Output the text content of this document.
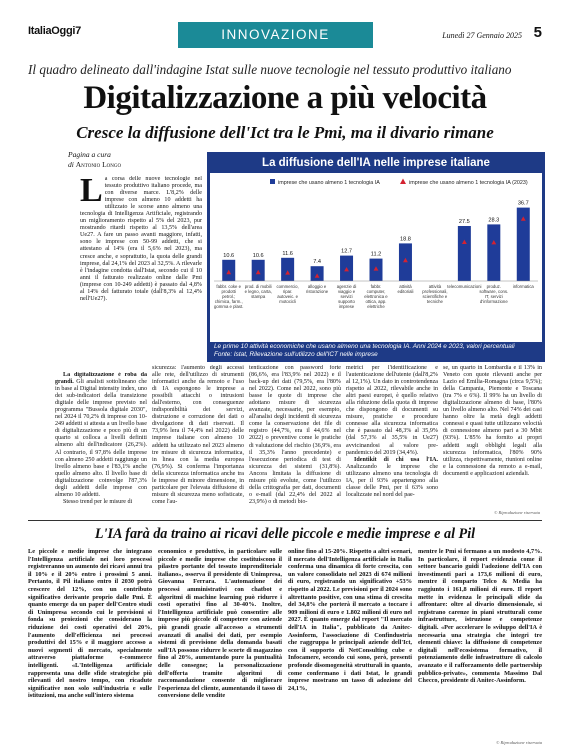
ItaliaOggi7	INNOVAZIONE	Lunedì 27 Gennaio 2025 5
Il quadro delineato dall'indagine Istat sulle nuove tecnologie nel tessuto produttivo italiano
Digitalizzazione a più velocità
Cresce la diffusione dell'Ict tra le Pmi, ma il divario rimane
Pagina a cura
di Antonio Longo	La diffusione dell'IA nelle imprese italiane
imprese che usano almeno 1 tecnologia IA	imprese che usano almeno 1 tecnologia IA (2023)
10.6
fabbr. coke e prodotti petrol.; chimica, farm., gomma e plast.
10.6
prod. di mobili e legno, carta, stampa
11.6
commercio, ripar. autoveic. e motocicli
7.4
alloggio e ristorazione
12.7
agenzie di viaggio e servizi supporto imprese
11.2
fabbr. computer, elettronica e ottica, app. elettriche
18.8
attività editoriali
attività professionali, scientifiche e tecniche
27.5
telecomunicazioni
28.3
produz. software, cons. IT, servizi d'informazione
36.7
informatica
Le prime 10 attività economiche che usano almeno una tecnologia IA. Anni 2024 e 2023, valori percentuali
Fonte: Istat, Rilevazione sull'utilizzo dell'ICT nelle imprese
La corsa delle nuove tecnologie nel tessuto produttivo italiano procede, ma con diverse marce. L'8,2% delle imprese con almeno 10 addetti ha utilizzato le scorse anno almeno una tecnologia di Intelligenza Artificiale, registrando un miglioramento rispetto al 5% del 2023, pur mostrando ritardi rispetto al 13,5% dell'area Ue27. A fare un passo avanti maggiore, infatti, sono le imprese con 50-99 addetti, che si attestano al 14% (era il 5,6% nel 2023), ma cresce anche, e soprattutto, la quota delle grandi imprese, dal 24,1% del 2023 al 32,5%. A rilevarle è l'indagine condotta dall'Istat, secondo cui il 10 anni il fatturato realizzato online dalle Pmi (imprese con 10-249 addetti) è passato dal 4,8% al 14% del fatturato totale (dall'8,3% al 12,4% nell'Ue27).

La digitalizzazione è roba da grandi. Gli analisti sottolineano che in base al Digital intensity index, uno dei sub-indicatori della transizione digitale delle imprese previsto nel programma "Bussola digitale 2030", nel 2024 il 70,2% di imprese con 10-249 addetti si attesta a un livello base di digitalizzazione e poco più di un quarto si colloca a livelli definiti almeno alti dell'indicatore (26,2%). Al contrario, il 97,8% delle imprese con almeno 250 addetti raggiunge un livello almeno base e l'83,1% anche quello almeno alto. Il livello base di digitalizzazione coinvolge l'87,3% degli addetti delle imprese con almeno 10 addetti.

Stesso trend per le misure di

sicurezza: l'aumento degli accessi alle rete, dell'utilizzo di strumenti informatici anche da remoto e l'uso di IA espongono le imprese a possibili attacchi o intrusioni dall'esterno, con conseguenze indisponibilità dei servizi, distruzione e corruzione dei dati o divulgazione di dati riservati. Il 73,9% lera il 74,4% nel 2022) delle imprese italiane con almeno 10 addetti ha utilizzato nel 2023 almeno tre misure di sicurezza informatica, in linea con la media europea (76,9%). Si conferma l'importanza della sicurezza informatica anche tra le imprese di minore dimensione, in particolare per l'elevata diffusione di misure di sicurezza meno sofisticate, come l'au-

tenticazione con password forte (86,6%, era l'83,9% nel 2022) e il back-up dei dati (79,5%, era l'80% nel 2022). Come nel 2022, sono più basse le quote di imprese che adottano misure di sicurezza avanzate, necessarie, per esempio, all'analisi degli incidenti di sicurezza come la conservazione dei file di registro (44,7%, era il 44,6% nel 2022) o preventive come le pratiche di valutazione del rischio (36,9%, era il 35,3% l'anno precedente) e l'esecuzione periodica di test di sicurezza dei sistemi (31,8%). Ancora limitata la diffusione di misure più evolute, come l'utilizzo della crittografia per dati, documenti o e-mail (dal 22,4% del 2022 al 23,9%) o di metodi bio-

metrici per l'identificazione e l'autenticazione dell'utente (dall'8,2% al 12,1%). Un dato in controtendenza rispetto al 2022, rilevabile anche in altri paesi europei, è quello relativo alla riduzione della quota di imprese che dispongono di documenti su misure, pratiche e procedure connesse alla sicurezza informatica che è passato dal 48,3% al 35,9% (dal 57,3% al 35,5% in Ue27) avvicinandosi al valore pre-pandemico del 2019 (34,4%).

Identikit di chi usa l'IA. Analizzando le imprese che utilizzano almeno una tecnologia di IA, per il 93% appartengono alla classe delle Pmi, per il 63% sono localizzate nel nord del pae-

se, un quarto in Lombardia e il 13% in Veneto con quote rilevanti anche per Lazio ed Emilia-Romagna (circa 9,5%); della Campania, Piemonte e Toscana (tra 7% e 6%). Il 99% ha un livello di digitalizzazione almeno di base, l'80% un livello almeno alto. Nel 74% dei casi hanno oltre la metà degli addetti connessi e quasi tutte utilizzano velocità di connessione almeno pari a 30 Mbit (93%). L'85% ha fornito ai propri addetti sugli obblighi legali alla sicurezza informatica, l'80% 90% utilizza, rispettivamente, riunioni online e la connessione da remoto a e-mail, documenti e applicazioni aziendali.

© Riproduzione riservata
L'IA farà da traino ai ricavi delle piccole e medie imprese e al Pil

Le piccole e medie imprese che integrano l'Intelligenza artificiale nei loro processi registreranno un aumento dei ricavi annui tra il 10% e il 20% entro i prossimi 5 anni. Pertanto, il Pil italiano entro il 2030 potrà crescere del 12%, con un contributo significativo derivante proprio dalle Pmi. È quanto emerge da un paper dell'Centro studi di Unimpresa secondo cui le previsioni si fonda su proiezioni che considerano la riduzione dei costi operativi del 20%, l'aumento dell'efficienza nei processi produttivi del 15% e il maggiore accesso a nuovi segmenti di mercato, specialmente attraverso piattaforme e-commerce intelligenti. «L'Intelligenza artificiale rappresenta una delle sfide strategiche più rilevanti del nostro tempo, con ricadute significative non solo sull'industria e sulle istituzioni, ma anche sull'intero sistema

economico e produttivo, in particolare sulle piccole e medie imprese che costituiscono il pilastro portante del tessuto imprenditoriale italiano», osserva il presidente di Unimpresa, Giovanna Ferrara. L'automazione dei processi amministrativi con chatbot e algoritmi di machine learning può ridurre i costi operativi fino al 30-40%. Inoltre, l'Intelligenza artificiale può consentire alle imprese più piccole di competere con aziende più grandi grazie all'accesso a strumenti avanzati di analisi dei dati, per esempio sistemi di previsione della domanda basati sull'IA possono ridurre le scorte di magazzino fino al 20%, aumentando pure la puntualità delle consegne; la personalizzazione dell'offerta tramite algoritmi di raccomandazione consente di migliorare l'esperienza del cliente, aumentando il tasso di conversione delle vendite

online fino al 15-20%. Rispetto a altri scenari, il mercato dell'Intelligenza artificiale in Italia conferma una dinamica di forte crescita, con un valore consolidato nel 2023 di 674 milioni di euro, registrando un significativo +53% rispetto al 2022. Le previsioni per il 2024 sono altrettanto positive, con una stima di crescita del 34,8% che porterà il mercato a toccare i 909 milioni di euro e 1.802 milioni di euro nel 2027. È quanto emerge dal report "Il mercato dell'IA in Italia", pubblicato da Anitec-Assinform, l'associazione di Confindustria che raggruppa le principali aziende dell'Ict, con il supporto di NetConsulting cube e Infocamere, secondo cui sono, però, presenti profonde disomogeneità strutturali in quanto, come confermano i dati Istat, le grandi imprese mostrano un tasso di adozione del 24,1%,

mentre le Pmi si fermano a un modesto 4,7%. In particolare, il report evidenzia come il settore bancario guidi l'adozione dell'IA con investimenti pari a 173,6 milioni di euro, mentre il comparto Telco & Media ha raggiunto i 161,8 milioni di euro. Il report mette in evidenza le principali sfide da affrontare: oltre al divario dimensionale, si registrano carenze in piani strutturali come infrastrutture, istruzione e competenze digitali. «Per accelerare lo sviluppo dell'IA è necessaria una strategia che integri tre elementi chiave: la diffusione di competenze digitali nell'ecosistema formativo, il potenziamento delle infrastrutture di calcolo avanzato e il rafforzamento delle partnership pubblico-private», commenta Massimo Dal Checco, presidente di Anitec-Assinform.

© Riproduzione riservata
